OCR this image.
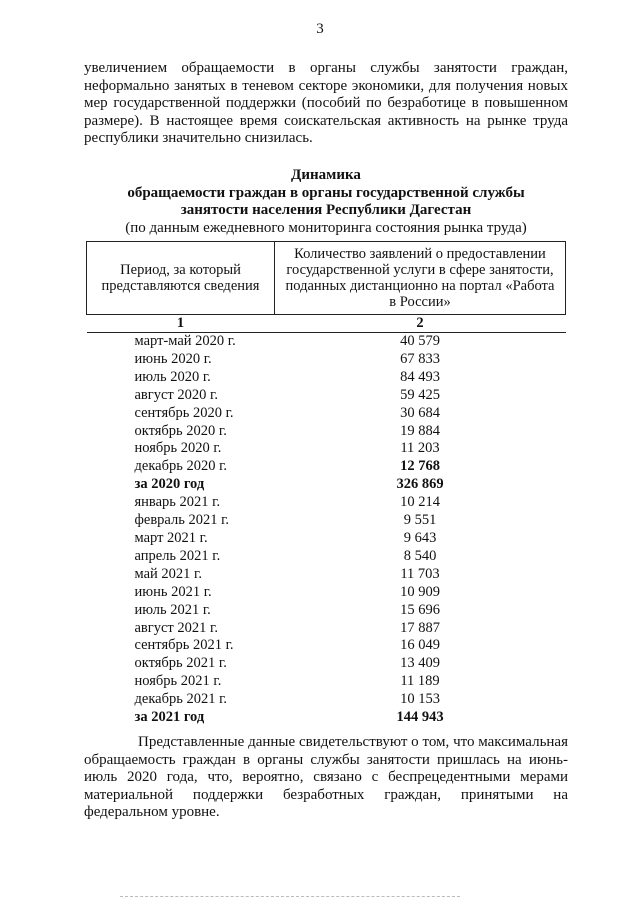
3

увеличением обращаемости в органы службы занятости граждан, неформально занятых в теневом секторе экономики, для получения новых мер государственной поддержки (пособий по безработице в повышенном размере). В настоящее время соискательская активность на рынке труда республики значительно снизилась.

Динамика
обращаемости граждан в органы государственной службы
занятости населения Республики Дагестан
(по данным ежедневного мониторинга состояния рынка труда)
Период, за который представляются сведения	Количество заявлений о предоставлении государственной услуги в сфере занятости, поданных дистанционно на портал «Работа в России»
1	2
март-май 2020 г.	40 579
июнь 2020 г.	67 833
июль 2020 г.	84 493
август 2020 г.	59 425
сентябрь 2020 г.	30 684
октябрь 2020 г.	19 884
ноябрь 2020 г.	11 203
декабрь 2020 г.	12 768
за 2020 год	326 869
январь 2021 г.	10 214
февраль 2021 г.	9 551
март 2021 г.	9 643
апрель 2021 г.	8 540
май 2021 г.	11 703
июнь 2021 г.	10 909
июль 2021 г.	15 696
август 2021 г.	17 887
сентябрь 2021 г.	16 049
октябрь 2021 г.	13 409
ноябрь 2021 г.	11 189
декабрь 2021 г.	10 153
за 2021 год	144 943

Представленные данные свидетельствуют о том, что максимальная обращаемость граждан в органы службы занятости пришлась на июнь-июль 2020 года, что, вероятно, связано с беспрецедентными мерами материальной поддержки безработных граждан, принятыми на федеральном уровне.
